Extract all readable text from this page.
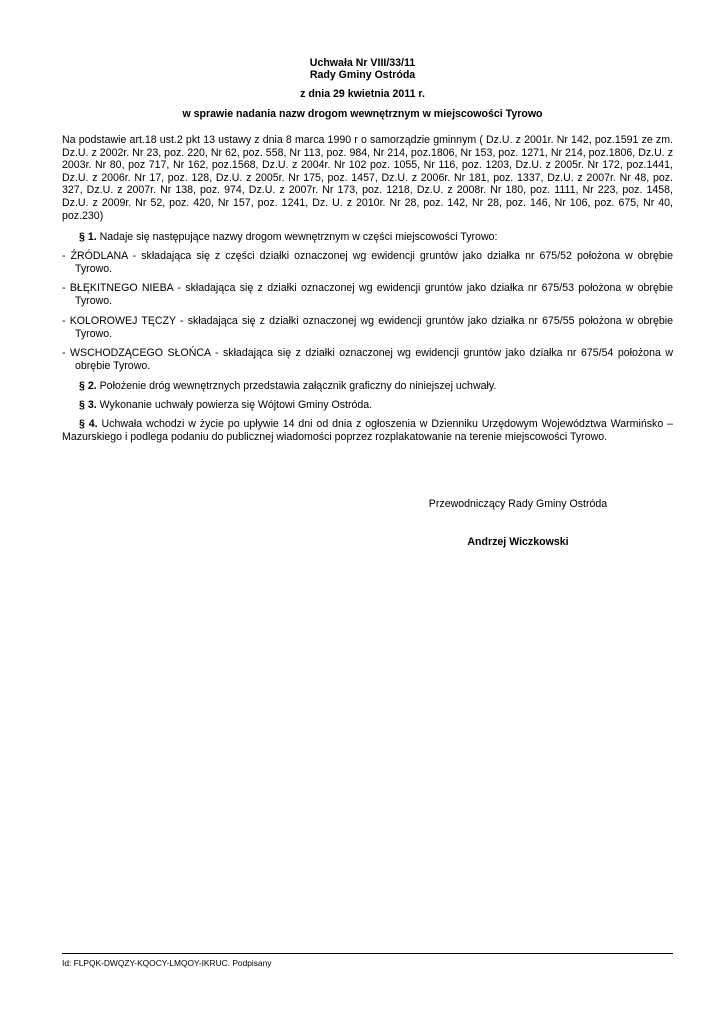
Uchwała Nr VIII/33/11
Rady Gminy Ostróda
z dnia 29 kwietnia 2011 r.
w sprawie nadania nazw drogom wewnętrznym w miejscowości Tyrowo
Na podstawie art.18 ust.2 pkt 13 ustawy z dnia 8 marca 1990 r o samorządzie gminnym ( Dz.U. z 2001r. Nr 142, poz.1591 ze zm. Dz.U. z 2002r. Nr 23, poz. 220, Nr 62, poz. 558, Nr 113, poz. 984, Nr 214, poz.1806, Nr 153, poz. 1271, Nr 214, poz.1806, Dz.U. z 2003r. Nr 80, poz 717, Nr 162, poz.1568, Dz.U. z 2004r. Nr 102 poz. 1055, Nr 116, poz. 1203, Dz.U. z 2005r. Nr 172, poz.1441, Dz.U. z 2006r. Nr 17, poz. 128, Dz.U. z 2005r. Nr 175, poz. 1457, Dz.U. z 2006r. Nr 181, poz. 1337, Dz.U. z 2007r. Nr 48, poz. 327, Dz.U. z 2007r. Nr 138, poz. 974, Dz.U. z 2007r. Nr 173, poz. 1218, Dz.U. z 2008r. Nr 180, poz. 1111, Nr 223, poz. 1458, Dz.U. z 2009r. Nr 52, poz. 420, Nr 157, poz. 1241, Dz. U. z 2010r. Nr 28, poz. 142, Nr 28, poz. 146, Nr 106, poz. 675, Nr 40, poz.230)
§ 1. Nadaje się następujące nazwy drogom wewnętrznym w części miejscowości Tyrowo:
- ŹRÓDLANA - składająca się z części działki oznaczonej wg ewidencji gruntów jako działka nr 675/52 położona w obrębie Tyrowo.
- BŁĘKITNEGO NIEBA - składająca się z działki oznaczonej wg ewidencji gruntów jako działka nr 675/53 położona w obrębie Tyrowo.
- KOLOROWEJ TĘCZY - składająca się z działki oznaczonej wg ewidencji gruntów jako działka nr 675/55 położona w obrębie Tyrowo.
- WSCHODZĄCEGO SŁOŃCA - składająca się z działki oznaczonej wg ewidencji gruntów jako działka nr 675/54 położona w obrębie Tyrowo.
§ 2. Położenie dróg wewnętrznych przedstawia załącznik graficzny do niniejszej uchwały.
§ 3. Wykonanie uchwały powierza się Wójtowi Gminy Ostróda.
§ 4. Uchwała wchodzi w życie po upływie 14 dni od dnia z ogłoszenia w Dzienniku Urzędowym Województwa Warmińsko – Mazurskiego i podlega podaniu do publicznej wiadomości poprzez rozplakatowanie na terenie miejscowości Tyrowo.
Przewodniczący Rady Gminy Ostróda
Andrzej Wiczkowski
Id: FLPQK-DWQZY-KQOCY-LMQOY-IKRUC. Podpisany
